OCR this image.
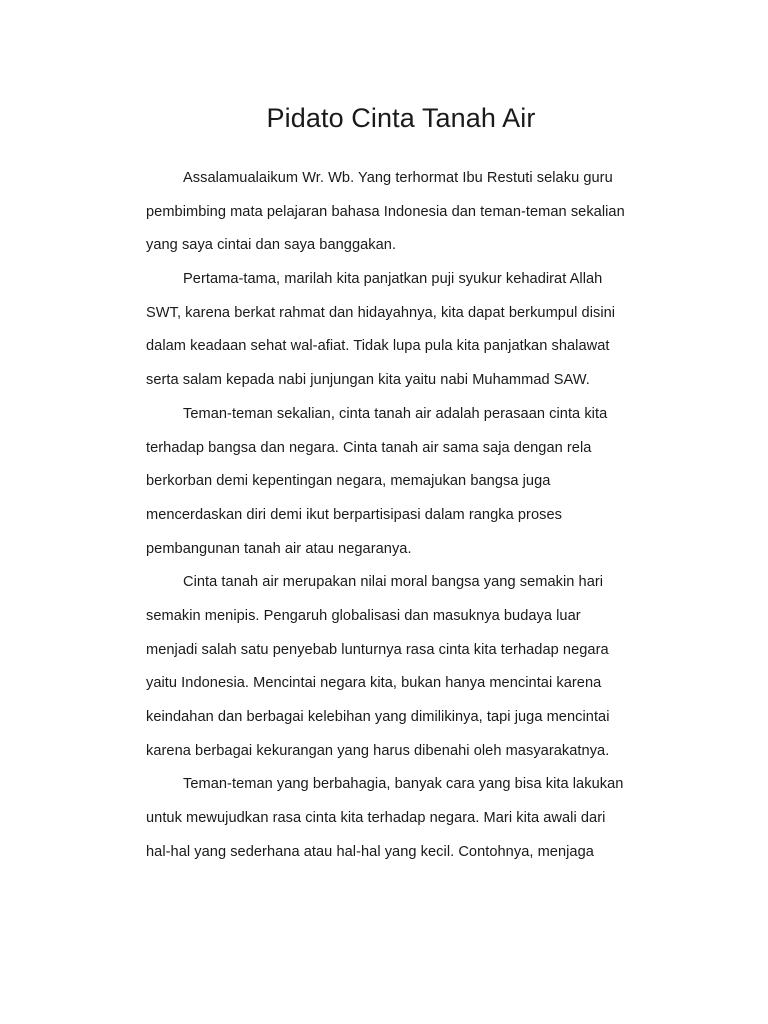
Pidato Cinta Tanah Air
Assalamualaikum Wr. Wb. Yang terhormat Ibu Restuti selaku guru
pembimbing mata pelajaran bahasa Indonesia dan teman-teman sekalian
yang saya cintai dan saya banggakan.
Pertama-tama, marilah kita panjatkan puji syukur kehadirat Allah
SWT, karena berkat rahmat dan hidayahnya, kita dapat berkumpul disini
dalam keadaan sehat wal-afiat. Tidak lupa pula kita panjatkan shalawat
serta salam kepada nabi junjungan kita yaitu nabi Muhammad SAW.
Teman-teman sekalian, cinta tanah air adalah perasaan cinta kita
terhadap bangsa dan negara. Cinta tanah air sama saja dengan rela
berkorban demi kepentingan negara, memajukan bangsa juga
mencerdaskan diri demi ikut berpartisipasi dalam rangka proses
pembangunan tanah air atau negaranya.
Cinta tanah air merupakan nilai moral bangsa yang semakin hari
semakin menipis. Pengaruh globalisasi dan masuknya budaya luar
menjadi salah satu penyebab lunturnya rasa cinta kita terhadap negara
yaitu Indonesia. Mencintai negara kita, bukan hanya mencintai karena
keindahan dan berbagai kelebihan yang dimilikinya, tapi juga mencintai
karena berbagai kekurangan yang harus dibenahi oleh masyarakatnya.
Teman-teman yang berbahagia, banyak cara yang bisa kita lakukan
untuk mewujudkan rasa cinta kita terhadap negara. Mari kita awali dari
hal-hal yang sederhana atau hal-hal yang kecil. Contohnya, menjaga
